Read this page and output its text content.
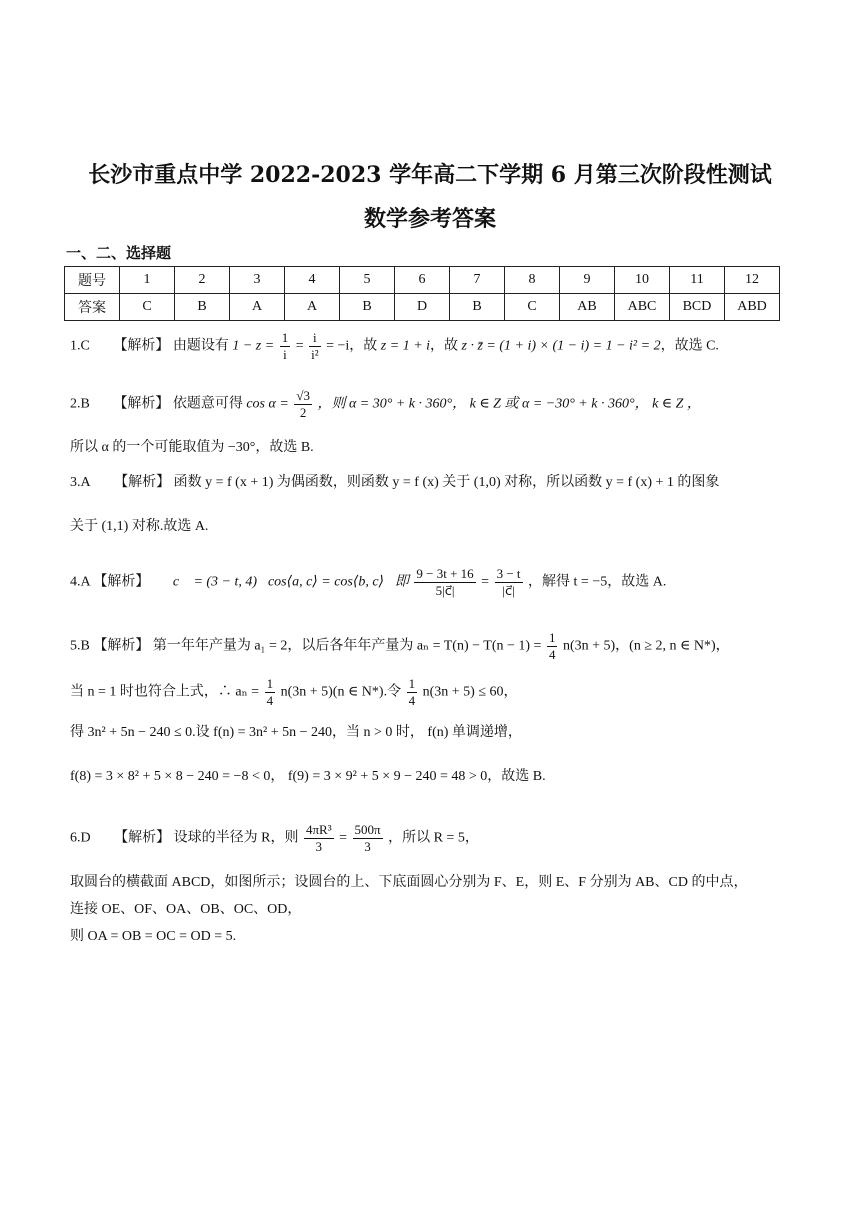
长沙市重点中学 2022-2023 学年高二下学期 6 月第三次阶段性测试
数学参考答案
一、二、选择题
题号	1	2	3	4	5	6	7	8	9	10	11	12
答案	C	B	A	A	B	D	B	C	AB	ABC	BCD	ABD
1.C 【解析】 由题设有 $1 - z = \frac{1}{i} = \frac{i}{\text{i²}} = -i$，故 z = 1 + i，故 z · z̄ = (1 + i) × (1 − i) = 1 − i² = 2，故选 C.
2.B 【解析】 依题意可得 $\cos \alpha = \frac{√3}{2}$ ，则 α = 30° + k · 360°， k ∈ Z 或 α = −30° + k · 360°， k ∈ Z ，
所以 α 的一个可能取值为 −30°，故选 B.
3.A 【解析】 函数 y = f (x + 1) 为偶函数，则函数 y = f (x) 关于 (1,0) 对称，所以函数 y = f (x) + 1 的图象
关于 (1,1) 对称.故选 A.
4.A 【解析】 c⃗ = (3 − t, 4)，cos⟨a, c⟩ = cos⟨b, c⟩，即 $\frac{9 - 3t + 16}{5|c⃗|} = \frac{3 - t}{|c⃗|}$ ，解得 t = −5，故选 A.
5.B 【解析】 第一年年产量为 a₁ = 2，以后各年年产量为 $a_n = T(n) - T(n - 1) = \frac{1}{4} n(3n + 5)$，(n ≥ 2, n ∈ N*)，
当 n = 1 时也符合上式，∴ $a_n = \frac{1}{4} n(3n + 5)(n$ ∈ N*).令 $\frac{1}{4} n(3n + 5) \le 60$，
得 3n² + 5n − 240 ≤ 0.设 f(n) = 3n² + 5n − 240，当 n > 0 时， f(n) 单调递增，
f(8) = 3 × 8² + 5 × 8 − 240 = −8 < 0， f(9) = 3 × 9² + 5 × 9 − 240 = 48 > 0，故选 B.
6.D 【解析】 设球的半径为 R，则 $\frac{\text{4πR³}}{3} = \frac{500\pi}{3}$ ，所以 R = 5，
取圆台的横截面 ABCD，如图所示；设圆台的上、下底面圆心分别为 F、E，则 E、F 分别为 AB、CD 的中点，
连接 OE、OF、OA、OB、OC、OD，
则 OA = OB = OC = OD = 5.
